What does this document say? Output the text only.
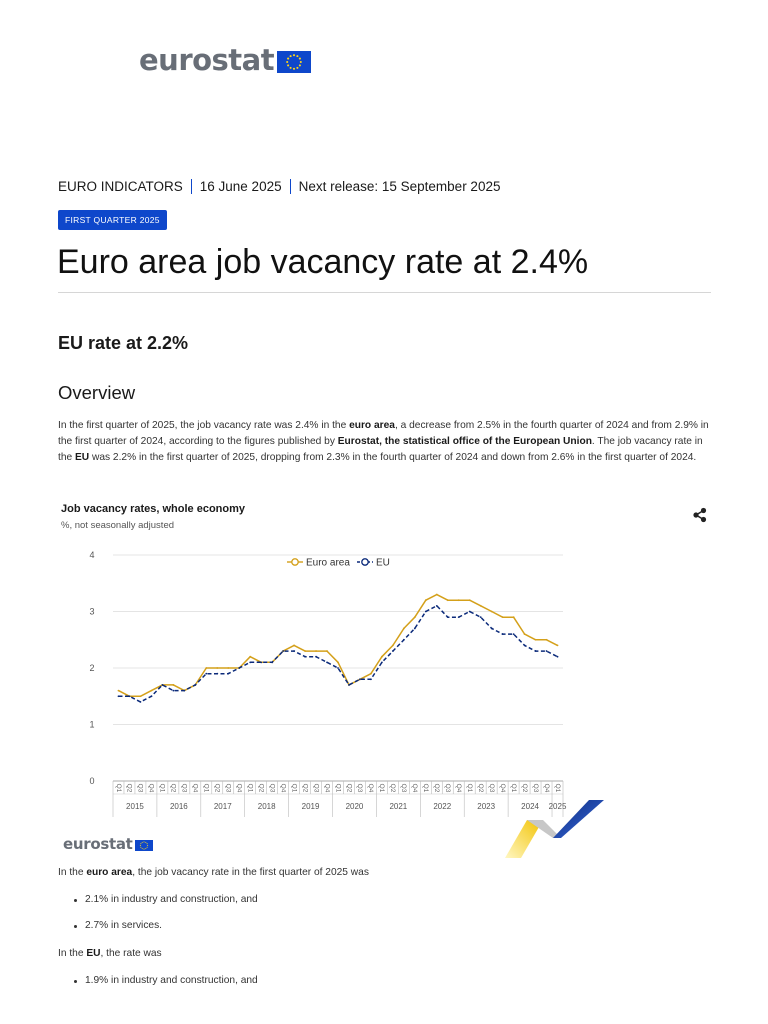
eurostat
EURO INDICATORS 16 June 2025 Next release: 15 September 2025
FIRST QUARTER 2025
Euro area job vacancy rate at 2.4%
EU rate at 2.2%
Overview

In the first quarter of 2025, the job vacancy rate was 2.4% in the euro area, a decrease from 2.5% in the fourth quarter of 2024 and from 2.9% in the first quarter of 2024, according to the figures published by Eurostat, the statistical office of the European Union. The job vacancy rate in the EU was 2.2% in the first quarter of 2025, dropping from 2.3% in the fourth quarter of 2024 and down from 2.6% in the first quarter of 2024.

Job vacancy rates, whole economy
%, not seasonally adjusted
0
1
2
3
4
Q1 Q2 Q3 Q4 Q1 Q2 Q3 Q4 Q1 Q2 Q3 Q4 Q1 Q2 Q3 Q4 Q1 Q2 Q3 Q4 Q1 Q2 Q3 Q4 Q1 Q2 Q3 Q4 Q1 Q2 Q3 Q4 Q1 Q2 Q3 Q4 Q1 Q2 Q3 Q4 Q1
2015	2016	2017	2018	2019	2020	2021	2022	2023	2024 2025
Euro area	EU
eurostat

In the euro area, the job vacancy rate in the first quarter of 2025 was

2.1% in industry and construction, and
2.7% in services.

In the EU, the rate was

1.9% in industry and construction, and
